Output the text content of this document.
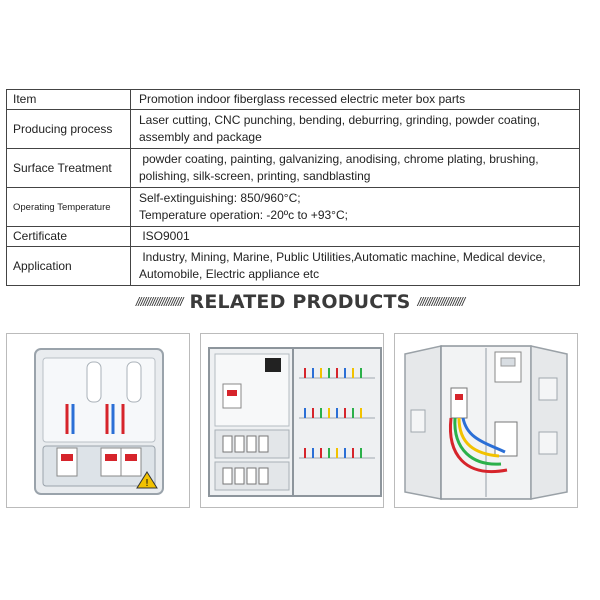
Item	Promotion indoor fiberglass recessed electric meter box parts

Producing process	Laser cutting, CNC punching, bending, deburring, grinding, powder coating,
assembly and package

Surface Treatment	powder coating, painting, galvanizing, anodising, chrome plating, brushing,
polishing, silk-screen, printing, sandblasting

Operating Temperature	Self-extinguishing: 850/960°C;
Temperature operation: -20ºc to +93°C;

Certificate	ISO9001

Application	Industry, Mining, Marine, Public Utilities,Automatic machine, Medical device,
Automobile, Electric appliance etc
//////////////////// RELATED PRODUCTS ////////////////////
!
